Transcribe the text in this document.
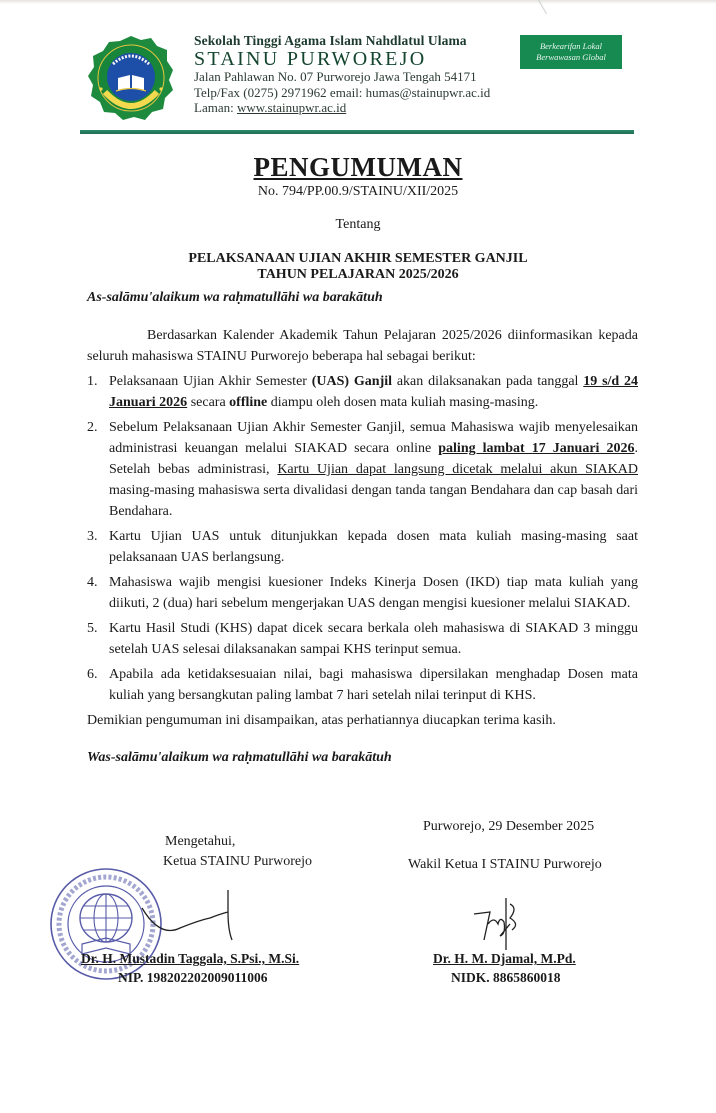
Sekolah Tinggi Agama Islam Nahdlatul Ulama
STAINU PURWOREJO
Jalan Pahlawan No. 07 Purworejo Jawa Tengah 54171
Telp/Fax (0275) 2971962 email: humas@stainupwr.ac.id
Laman: www.stainupwr.ac.id
Berkearifan Lokal
Berwawasan Global
PENGUMUMAN
No. 794/PP.00.9/STAINU/XII/2025
Tentang
PELAKSANAAN UJIAN AKHIR SEMESTER GANJIL
TAHUN PELAJARAN 2025/2026
As-salāmu'alaikum wa raḥmatullāhi wa barakātuh

Berdasarkan Kalender Akademik Tahun Pelajaran 2025/2026 diinformasikan kepada seluruh mahasiswa STAINU Purworejo beberapa hal sebagai berikut:

1. Pelaksanaan Ujian Akhir Semester (UAS) Ganjil akan dilaksanakan pada tanggal 19 s/d 24 Januari 2026 secara offline diampu oleh dosen mata kuliah masing-masing.
2. Sebelum Pelaksanaan Ujian Akhir Semester Ganjil, semua Mahasiswa wajib menyelesaikan administrasi keuangan melalui SIAKAD secara online paling lambat 17 Januari 2026. Setelah bebas administrasi, Kartu Ujian dapat langsung dicetak melalui akun SIAKAD masing-masing mahasiswa serta divalidasi dengan tanda tangan Bendahara dan cap basah dari Bendahara.
3. Kartu Ujian UAS untuk ditunjukkan kepada dosen mata kuliah masing-masing saat pelaksanaan UAS berlangsung.
4. Mahasiswa wajib mengisi kuesioner Indeks Kinerja Dosen (IKD) tiap mata kuliah yang diikuti, 2 (dua) hari sebelum mengerjakan UAS dengan mengisi kuesioner melalui SIAKAD.
5. Kartu Hasil Studi (KHS) dapat dicek secara berkala oleh mahasiswa di SIAKAD 3 minggu setelah UAS selesai dilaksanakan sampai KHS terinput semua.
6. Apabila ada ketidaksesuaian nilai, bagi mahasiswa dipersilakan menghadap Dosen mata kuliah yang bersangkutan paling lambat 7 hari setelah nilai terinput di KHS.
Demikian pengumuman ini disampaikan, atas perhatiannya diucapkan terima kasih.
Was-salāmu'alaikum wa raḥmatullāhi wa barakātuh
Purworejo, 29 Desember 2025
Mengetahui,
Ketua STAINU Purworejo	Wakil Ketua I STAINU Purworejo
Dr. H. Mustadin Taggala, S.Psi., M.Si.
NIP. 198202202009011006
Dr. H. M. Djamal, M.Pd.
NIDK. 8865860018
